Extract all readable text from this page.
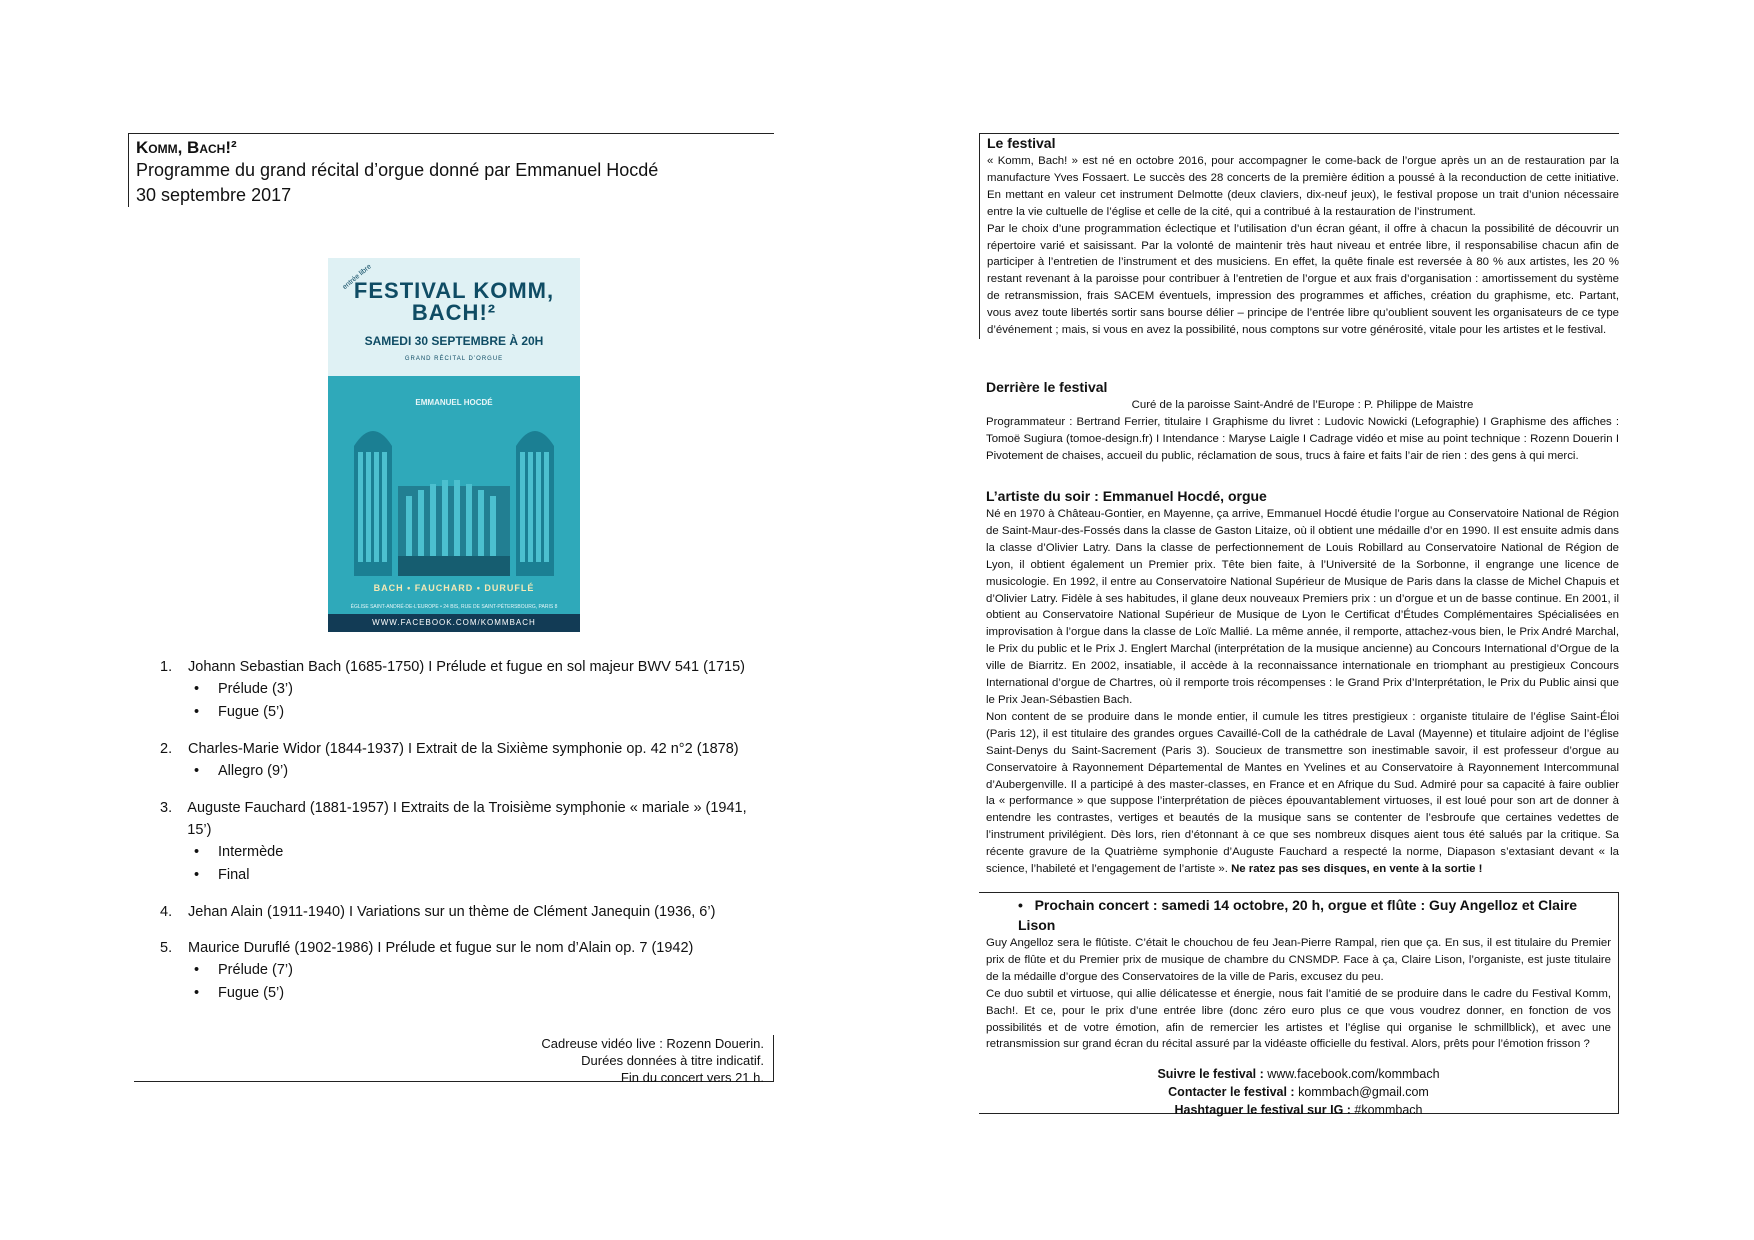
Komm, Bach!²
Programme du grand récital d’orgue donné par Emmanuel Hocdé
30 septembre 2017
entrée libre
FESTIVAL KOMM, BACH!²
SAMEDI 30 SEPTEMBRE À 20H
GRAND RÉCITAL D’ORGUE
EMMANUEL HOCDÉ
BACH • FAUCHARD • DURUFLÉ
ÉGLISE SAINT-ANDRÉ-DE-L’EUROPE • 24 BIS, RUE DE SAINT-PÉTERSBOURG, PARIS 8
WWW.FACEBOOK.COM/KOMMBACH
1.	Johann Sebastian Bach (1685-1750) I Prélude et fugue en sol majeur BWV 541 (1715)
•	Prélude (3’)
•	Fugue (5’)
2.	Charles-Marie Widor (1844-1937) I Extrait de la Sixième symphonie op. 42 n°2 (1878)
•	Allegro (9’)
3.	Auguste Fauchard (1881-1957) I Extraits de la Troisième symphonie « mariale » (1941, 15’)
•	Intermède
•	Final
4.	Jehan Alain (1911-1940) I Variations sur un thème de Clément Janequin (1936, 6’)
5.	Maurice Duruflé (1902-1986) I Prélude et fugue sur le nom d’Alain op. 7 (1942)
•	Prélude (7’)
•	Fugue (5’)
Cadreuse vidéo live : Rozenn Douerin.
Durées données à titre indicatif.
Fin du concert vers 21 h.
Le festival
« Komm, Bach! » est né en octobre 2016, pour accompagner le come-back de l’orgue après un an de restauration par la manufacture Yves Fossaert. Le succès des 28 concerts de la première édition a poussé à la reconduction de cette initiative. En mettant en valeur cet instrument Delmotte (deux claviers, dix-neuf jeux), le festival propose un trait d’union nécessaire entre la vie cultuelle de l’église et celle de la cité, qui a contribué à la restauration de l’instrument.
Par le choix d’une programmation éclectique et l’utilisation d’un écran géant, il offre à chacun la possibilité de découvrir un répertoire varié et saisissant. Par la volonté de maintenir très haut niveau et entrée libre, il responsabilise chacun afin de participer à l’entretien de l’instrument et des musiciens. En effet, la quête finale est reversée à 80 % aux artistes, les 20 % restant revenant à la paroisse pour contribuer à l’entretien de l’orgue et aux frais d’organisation : amortissement du système de retransmission, frais SACEM éventuels, impression des programmes et affiches, création du graphisme, etc. Partant, vous avez toute libertés sortir sans bourse délier – principe de l’entrée libre qu’oublient souvent les organisateurs de ce type d’événement ; mais, si vous en avez la possibilité, nous comptons sur votre générosité, vitale pour les artistes et le festival.
Derrière le festival
Curé de la paroisse Saint-André de l’Europe : P. Philippe de Maistre
Programmateur : Bertrand Ferrier, titulaire I Graphisme du livret : Ludovic Nowicki (Lefographie) I Graphisme des affiches : Tomoë Sugiura (tomoe-design.fr) I Intendance : Maryse Laigle I Cadrage vidéo et mise au point technique : Rozenn Douerin I Pivotement de chaises, accueil du public, réclamation de sous, trucs à faire et faits l’air de rien : des gens à qui merci.
L’artiste du soir : Emmanuel Hocdé, orgue
Né en 1970 à Château-Gontier, en Mayenne, ça arrive, Emmanuel Hocdé étudie l’orgue au Conservatoire National de Région de Saint-Maur-des-Fossés dans la classe de Gaston Litaize, où il obtient une médaille d’or en 1990. Il est ensuite admis dans la classe d’Olivier Latry. Dans la classe de perfectionnement de Louis Robillard au Conservatoire National de Région de Lyon, il obtient également un Premier prix. Tête bien faite, à l’Université de la Sorbonne, il engrange une licence de musicologie. En 1992, il entre au Conservatoire National Supérieur de Musique de Paris dans la classe de Michel Chapuis et d’Olivier Latry. Fidèle à ses habitudes, il glane deux nouveaux Premiers prix : un d’orgue et un de basse continue. En 2001, il obtient au Conservatoire National Supérieur de Musique de Lyon le Certificat d’Études Complémentaires Spécialisées en improvisation à l’orgue dans la classe de Loïc Mallié. La même année, il remporte, attachez-vous bien, le Prix André Marchal, le Prix du public et le Prix J. Englert Marchal (interprétation de la musique ancienne) au Concours International d’Orgue de la ville de Biarritz. En 2002, insatiable, il accède à la reconnaissance internationale en triomphant au prestigieux Concours International d’orgue de Chartres, où il remporte trois récompenses : le Grand Prix d’Interprétation, le Prix du Public ainsi que le Prix Jean-Sébastien Bach.
Non content de se produire dans le monde entier, il cumule les titres prestigieux : organiste titulaire de l’église Saint-Éloi (Paris 12), il est titulaire des grandes orgues Cavaillé-Coll de la cathédrale de Laval (Mayenne) et titulaire adjoint de l’église Saint-Denys du Saint-Sacrement (Paris 3). Soucieux de transmettre son inestimable savoir, il est professeur d’orgue au Conservatoire à Rayonnement Départemental de Mantes en Yvelines et au Conservatoire à Rayonnement Intercommunal d’Aubergenville. Il a participé à des master-classes, en France et en Afrique du Sud. Admiré pour sa capacité à faire oublier la « performance » que suppose l’interprétation de pièces épouvantablement virtuoses, il est loué pour son art de donner à entendre les contrastes, vertiges et beautés de la musique sans se contenter de l’esbroufe que certaines vedettes de l’instrument privilégient. Dès lors, rien d’étonnant à ce que ses nombreux disques aient tous été salués par la critique. Sa récente gravure de la Quatrième symphonie d’Auguste Fauchard a respecté la norme, Diapason s’extasiant devant « la science, l’habileté et l’engagement de l’artiste ». Ne ratez pas ses disques, en vente à la sortie !
•   Prochain concert : samedi 14 octobre, 20 h, orgue et flûte : Guy Angelloz et Claire Lison
Guy Angelloz sera le flûtiste. C’était le chouchou de feu Jean-Pierre Rampal, rien que ça. En sus, il est titulaire du Premier prix de flûte et du Premier prix de musique de chambre du CNSMDP. Face à ça, Claire Lison, l’organiste, est juste titulaire de la médaille d’orgue des Conservatoires de la ville de Paris, excusez du peu.
Ce duo subtil et virtuose, qui allie délicatesse et énergie, nous fait l’amitié de se produire dans le cadre du Festival Komm, Bach!. Et ce, pour le prix d’une entrée libre (donc zéro euro plus ce que vous voudrez donner, en fonction de vos possibilités et de votre émotion, afin de remercier les artistes et l’église qui organise le schmillblick), et avec une retransmission sur grand écran du récital assuré par la vidéaste officielle du festival. Alors, prêts pour l’émotion frisson ?
Suivre le festival : www.facebook.com/kommbach
Contacter le festival : kommbach@gmail.com
Hashtaguer le festival sur IG : #kommbach
